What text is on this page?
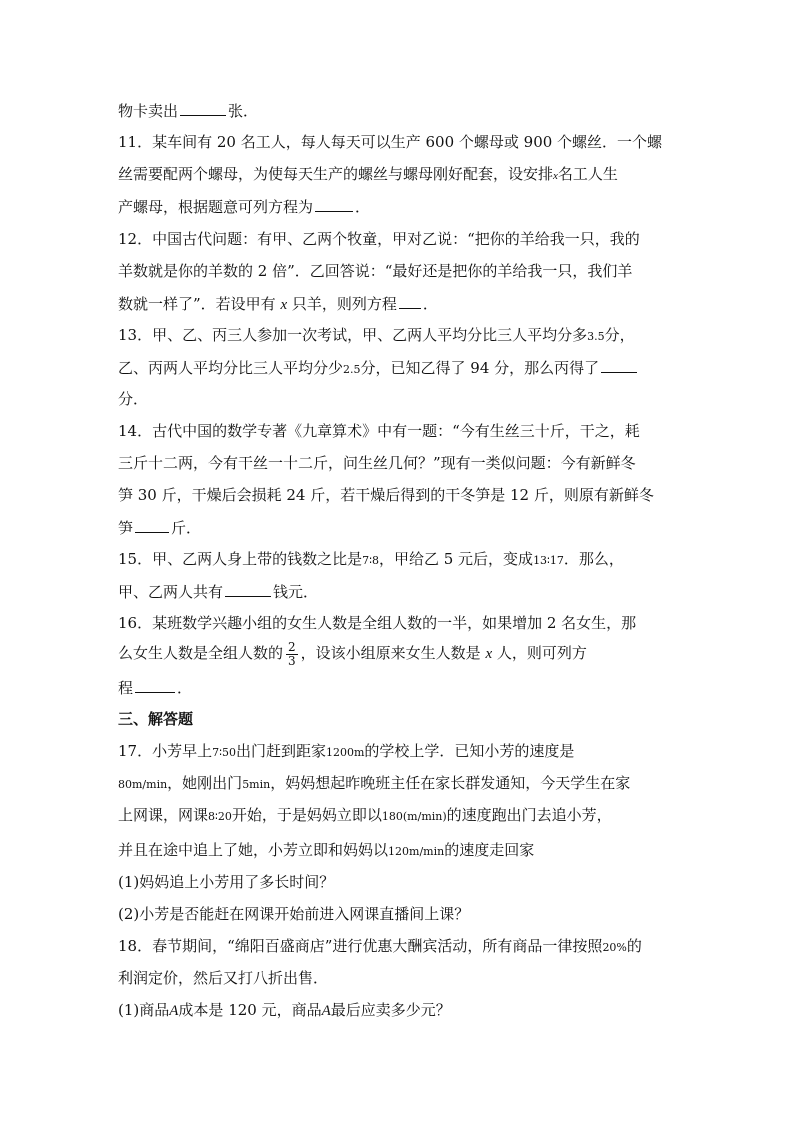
物卡卖出	张．
11．某车间有 20 名工人，每人每天可以生产 600 个螺母或 900 个螺丝．一个螺
丝需要配两个螺母，为使每天生产的螺丝与螺母刚好配套，设安排x名工人生
产螺母，根据题意可列方程为	．
12．中国古代问题：有甲、乙两个牧童，甲对乙说：“把你的羊给我一只，我的
羊数就是你的羊数的 2 倍”．乙回答说：“最好还是把你的羊给我一只，我们羊
数就一样了”．若设甲有 x 只羊，则列方程 ．
13．甲、乙、丙三人参加一次考试，甲、乙两人平均分比三人平均分多3.5分，
乙、丙两人平均分比三人平均分少2.5分，已知乙得了 94 分，那么丙得了
分．
14．古代中国的数学专著《九章算术》中有一题：“今有生丝三十斤，干之，耗
三斤十二两，今有干丝一十二斤，问生丝几何？”现有一类似问题：今有新鲜冬
笋 30 斤，干燥后会损耗 24 斤，若干燥后得到的干冬笋是 12 斤，则原有新鲜冬
笋	斤．
15．甲、乙两人身上带的钱数之比是7∶8，甲给乙 5 元后，变成13∶17．那么，
甲、乙两人共有	钱元．
16．某班数学兴趣小组的女生人数是全组人数的一半，如果增加 2 名女生，那
么女生人数是全组人数的 $\frac{2}{3}$ ，设该小组原来女生人数是 x 人，则可列方
程	．
三、解答题
17．小芳早上7∶50出门赶到距家1200m的学校上学．已知小芳的速度是
80m/min，她刚出门5min，妈妈想起昨晚班主任在家长群发通知，今天学生在家
上网课，网课8∶20开始，于是妈妈立即以180(m/min)的速度跑出门去追小芳，
并且在途中追上了她，小芳立即和妈妈以120m/min的速度走回家
(1)妈妈追上小芳用了多长时间？
(2)小芳是否能赶在网课开始前进入网课直播间上课？
18．春节期间，“绵阳百盛商店”进行优惠大酬宾活动，所有商品一律按照20%的
利润定价，然后又打八折出售．
(1)商品A成本是 120 元，商品A最后应卖多少元？
